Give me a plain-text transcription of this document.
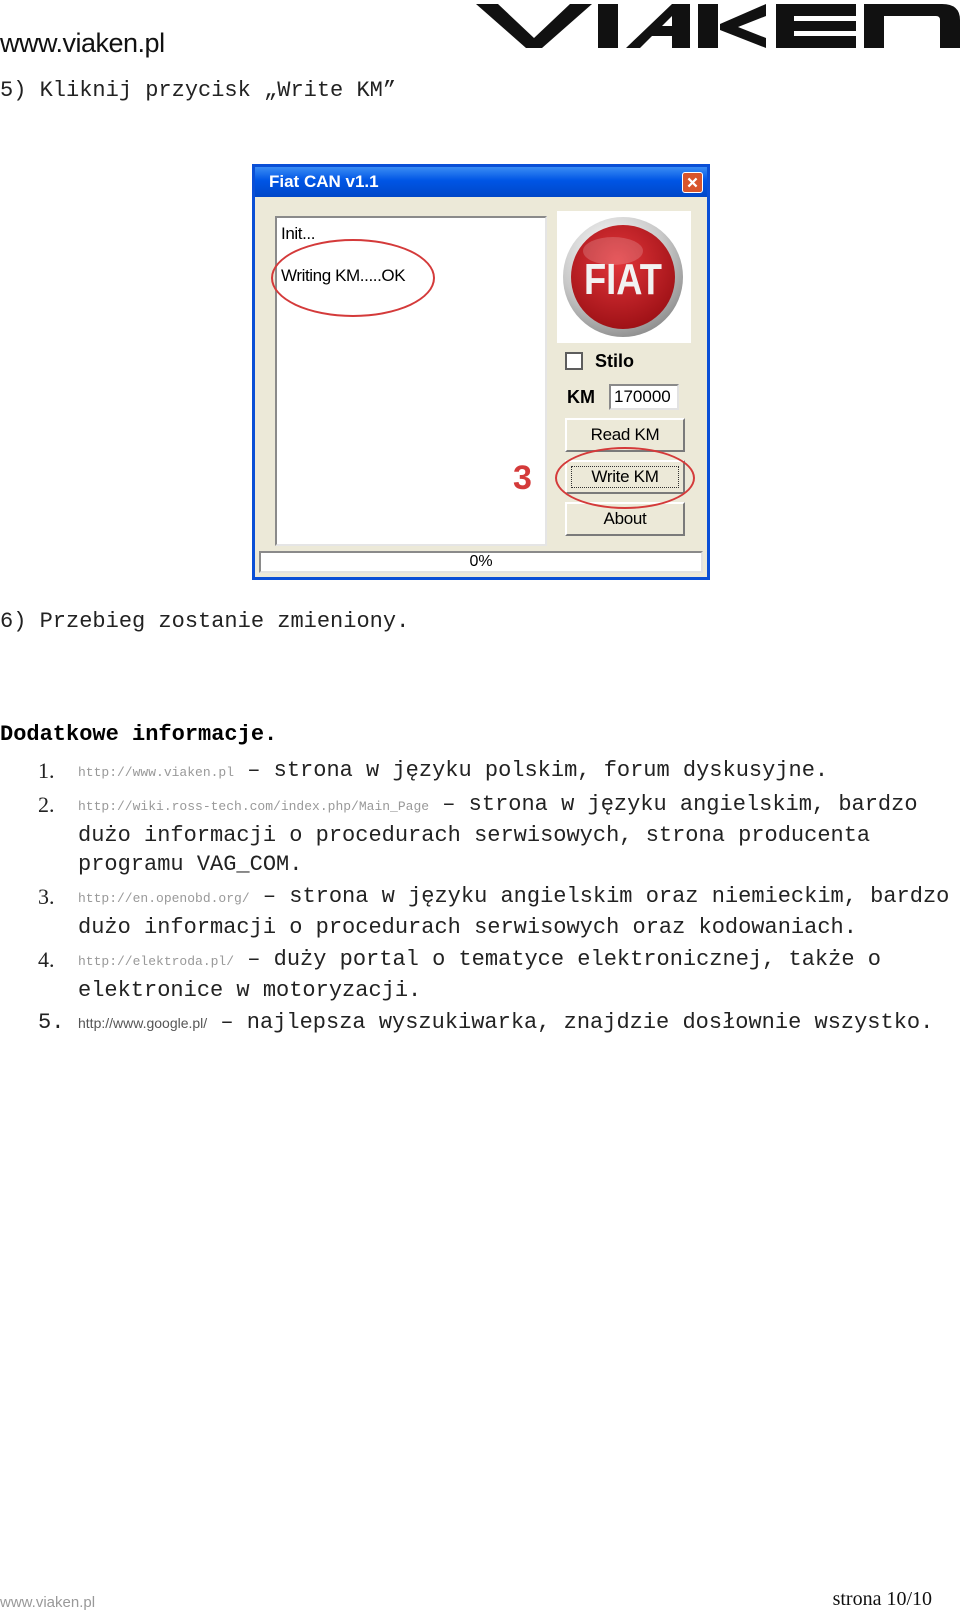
www.viaken.pl
5) Kliknij przycisk „Write KM”
Fiat CAN v1.1
Init...
Writing KM.....OK	FIAT
Stilo
KM 170000
Read KM
Write KM
About
3
0%
6) Przebieg zostanie zmieniony.
Dodatkowe informacje.
1. http://www.viaken.pl – strona w języku polskim, forum dyskusyjne.
2. http://wiki.ross-tech.com/index.php/Main_Page – strona w języku angielskim, bardzo dużo informacji o procedurach serwisowych, strona producenta programu VAG_COM.
3. http://en.openobd.org/ – strona w języku angielskim oraz niemieckim, bardzo dużo informacji o procedurach serwisowych oraz kodowaniach.
4. http://elektroda.pl/ – duży portal o tematyce elektronicznej, także o elektronice w motoryzacji.
5. http://www.google.pl/ – najlepsza wyszukiwarka, znajdzie dosłownie wszystko.
www.viaken.pl	strona 10/10
